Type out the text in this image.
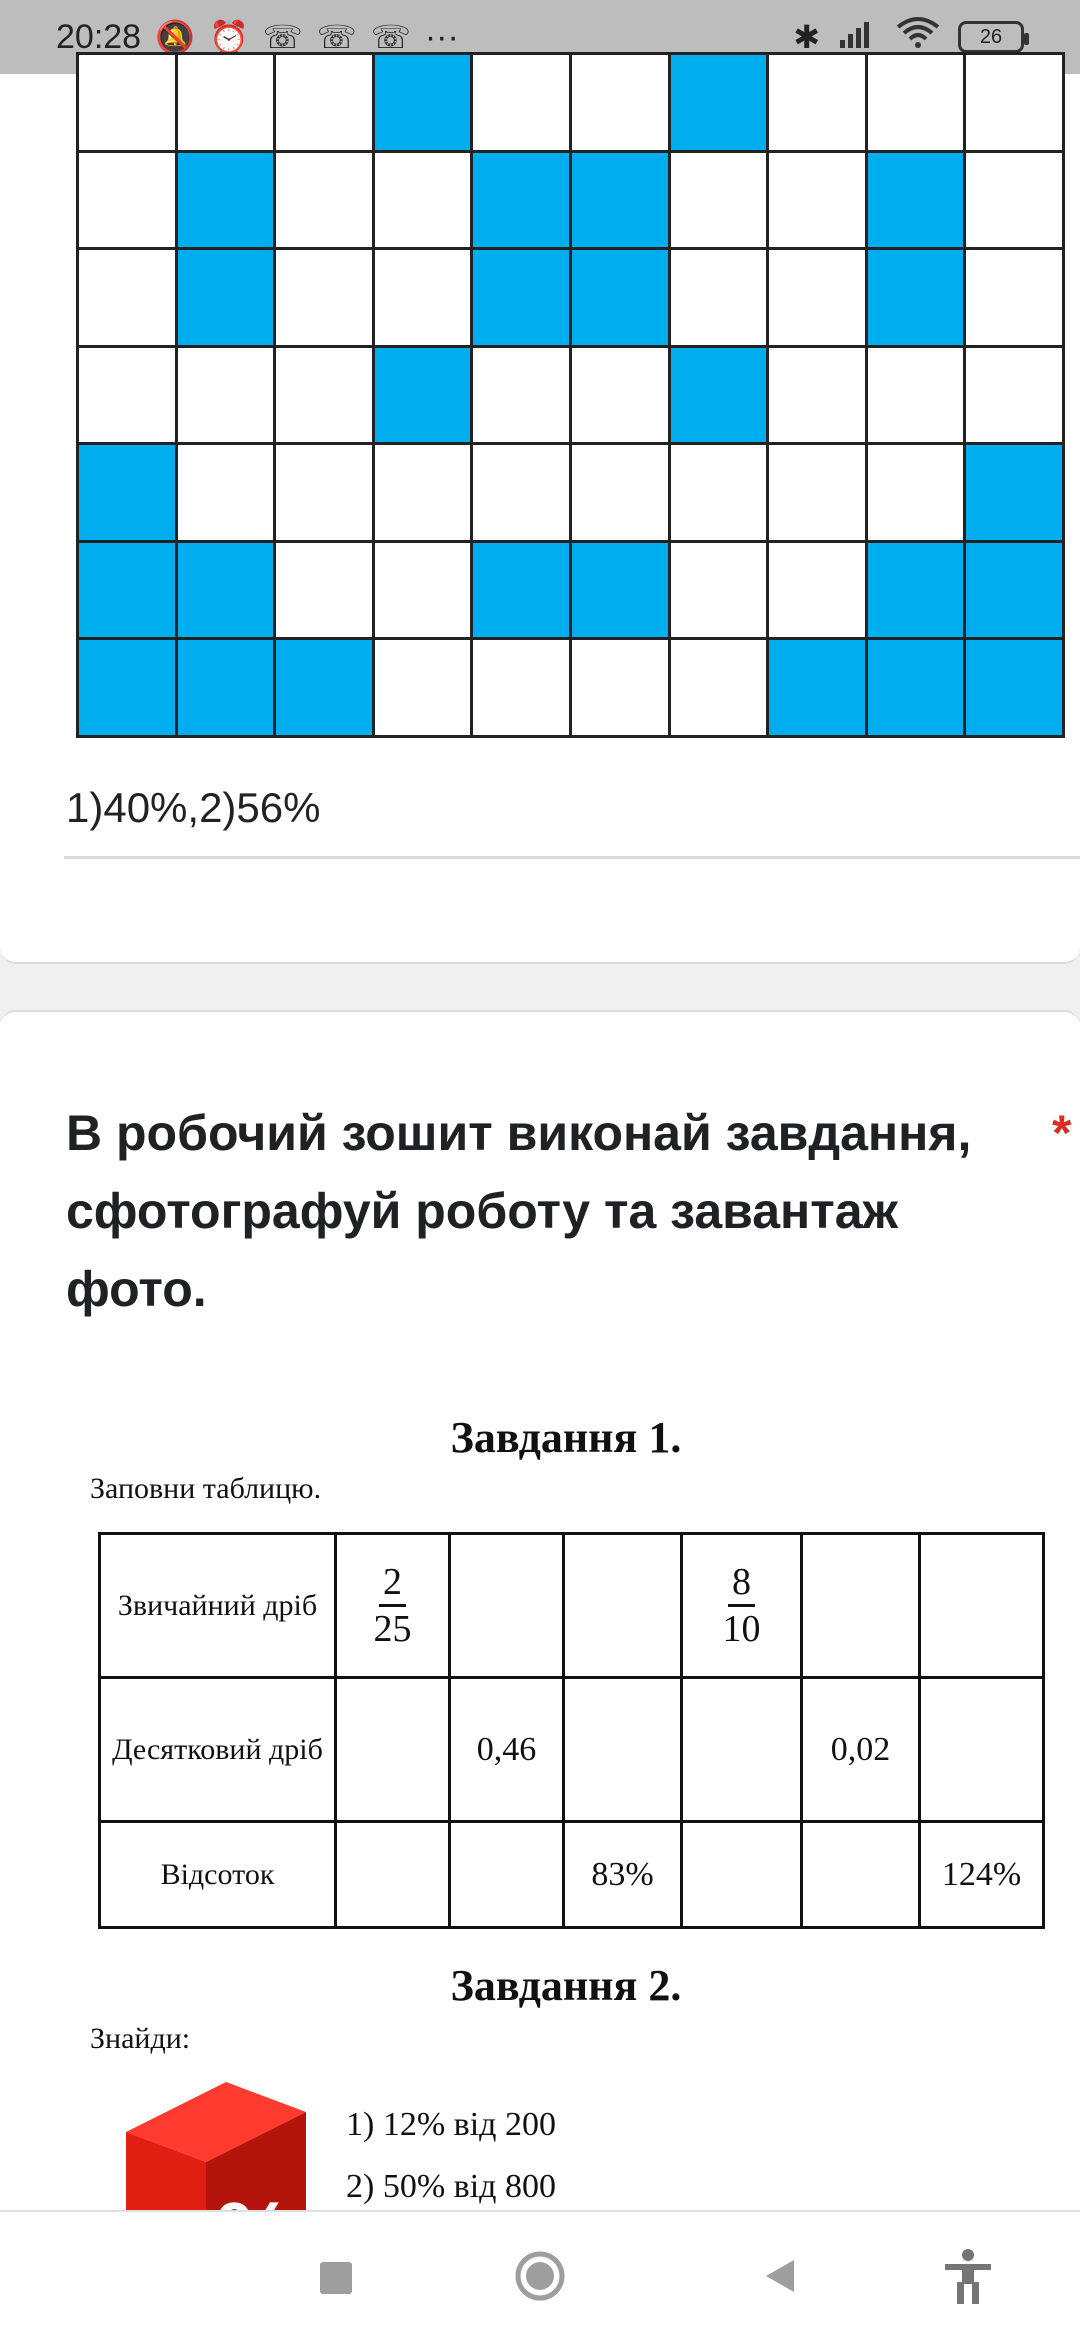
20:28 🔕 ⏰ ☏ ☏ ☏ ···	✱	26
1)40%,2)56%
В робочий зошит виконай завдання, сфотографуй роботу та завантаж фото.
*
Завдання 1.
Заповни таблицю.
Звичайний дріб	$\frac{2}{25}$			$\frac{8}{10}$

Десятковий дріб		0,46			0,02	
Відсоток			83%			124%
Завдання 2.
Знайди:
1) 12% від 200
2) 50% від 800
